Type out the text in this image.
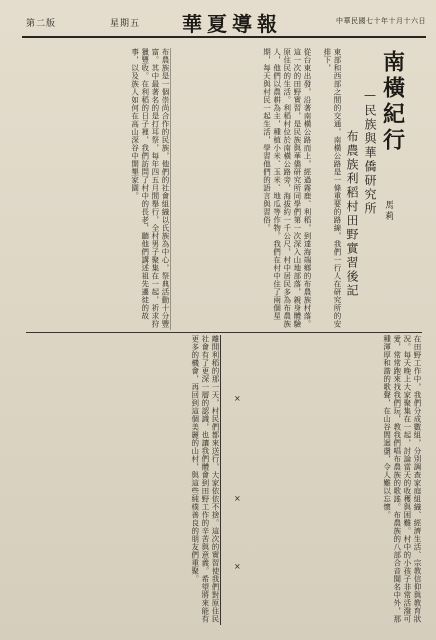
第二版	星期五 華夏導報	中華民國七十年十月十六日
南橫紀行
—民族與華僑研究所
布農族利稻村田野實習後記	馬莉
東部和西部之間的交通，南橫公路是一條重要的路線，我們一行人在研究所的安排下，
從台東出發，沿著南橫公路而上，經過霧鹿、利稻，到達海端鄉的布農族村落。這一次的田野實習，是民族與華僑研究所同學們第一次深入山地部落，親身體驗原住民的生活。利稻村位於南橫公路旁，海拔約一千公尺，村中居民多為布農族人，他們以農耕為主，種植小米、玉米、地瓜等作物。我們在村中住了兩個星期，每天與村民一起生活，學習他們的語言與習俗。
布農族是一個崇尚合作的民族，他們的社會組織以氏族為中心，祭典活動十分豐富。其中最著名的是打耳祭，每年四五月間舉行，全村男子聚集在一起，祈求狩獵豐收。在利稻的日子裡，我們訪問了村中的長老，聽他們講述祖先遷徙的故事，以及族人如何在高山深谷中開墾家園。
在田野工作中，我們分成數組，分別調查家庭組織、經濟生活、宗教信仰與教育狀況。每天晚上大家聚集在一起，討論當天的收穫與困難。村中的小孩子非常活潑可愛，常常跑來找我們玩，教我們唱布農族的歌謠。布農族的八部合音聞名中外，那種渾厚和諧的歌聲，在山谷間迴盪，令人難以忘懷。
離開利稻的那一天，村民們都來送行，大家依依不捨。這次的實習使我們對原住民社會有了更深一層的認識，也讓我們體會到田野工作的辛苦與意義。希望將來能有更多的機會，再回到這個美麗的山村，與這些純樸善良的朋友們重聚。	×
×
×
